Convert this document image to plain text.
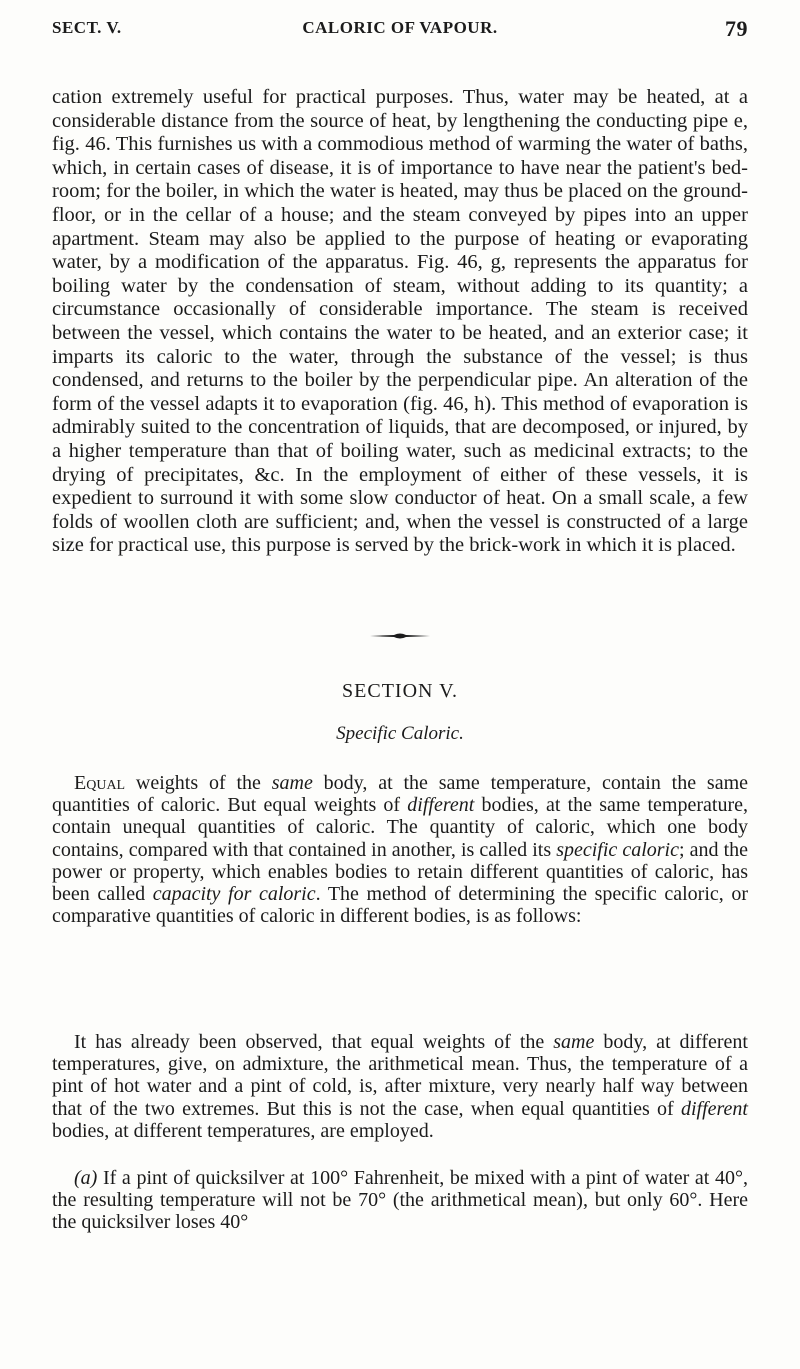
SECT. V.	CALORIC OF VAPOUR.	79

cation extremely useful for practical purposes. Thus, water may be heated, at a considerable distance from the source of heat, by lengthening the conducting pipe e, fig. 46. This furnishes us with a commodious method of warming the water of baths, which, in certain cases of disease, it is of importance to have near the patient's bed-room; for the boiler, in which the water is heated, may thus be placed on the ground-floor, or in the cellar of a house; and the steam conveyed by pipes into an upper apartment. Steam may also be applied to the purpose of heating or evaporating water, by a modification of the apparatus. Fig. 46, g, represents the apparatus for boiling water by the condensation of steam, without adding to its quantity; a circumstance occasionally of considerable importance. The steam is received between the vessel, which contains the water to be heated, and an exterior case; it imparts its caloric to the water, through the substance of the vessel; is thus condensed, and returns to the boiler by the perpendicular pipe. An alteration of the form of the vessel adapts it to evaporation (fig. 46, h). This method of evaporation is admirably suited to the concentration of liquids, that are decomposed, or injured, by a higher temperature than that of boiling water, such as medicinal extracts; to the drying of precipitates, &c. In the employment of either of these vessels, it is expedient to surround it with some slow conductor of heat. On a small scale, a few folds of woollen cloth are sufficient; and, when the vessel is constructed of a large size for practical use, this purpose is served by the brick-work in which it is placed.

SECTION V.
Specific Caloric.

Equal weights of the same body, at the same temperature, contain the same quantities of caloric. But equal weights of different bodies, at the same temperature, contain unequal quantities of caloric. The quantity of caloric, which one body contains, compared with that contained in another, is called its specific caloric; and the power or property, which enables bodies to retain different quantities of caloric, has been called capacity for caloric. The method of determining the specific caloric, or comparative quantities of caloric in different bodies, is as follows:

It has already been observed, that equal weights of the same body, at different temperatures, give, on admixture, the arithmetical mean. Thus, the temperature of a pint of hot water and a pint of cold, is, after mixture, very nearly half way between that of the two extremes. But this is not the case, when equal quantities of different bodies, at different temperatures, are employed.

(a) If a pint of quicksilver at 100° Fahrenheit, be mixed with a pint of water at 40°, the resulting temperature will not be 70° (the arithmetical mean), but only 60°. Here the quicksilver loses 40°
